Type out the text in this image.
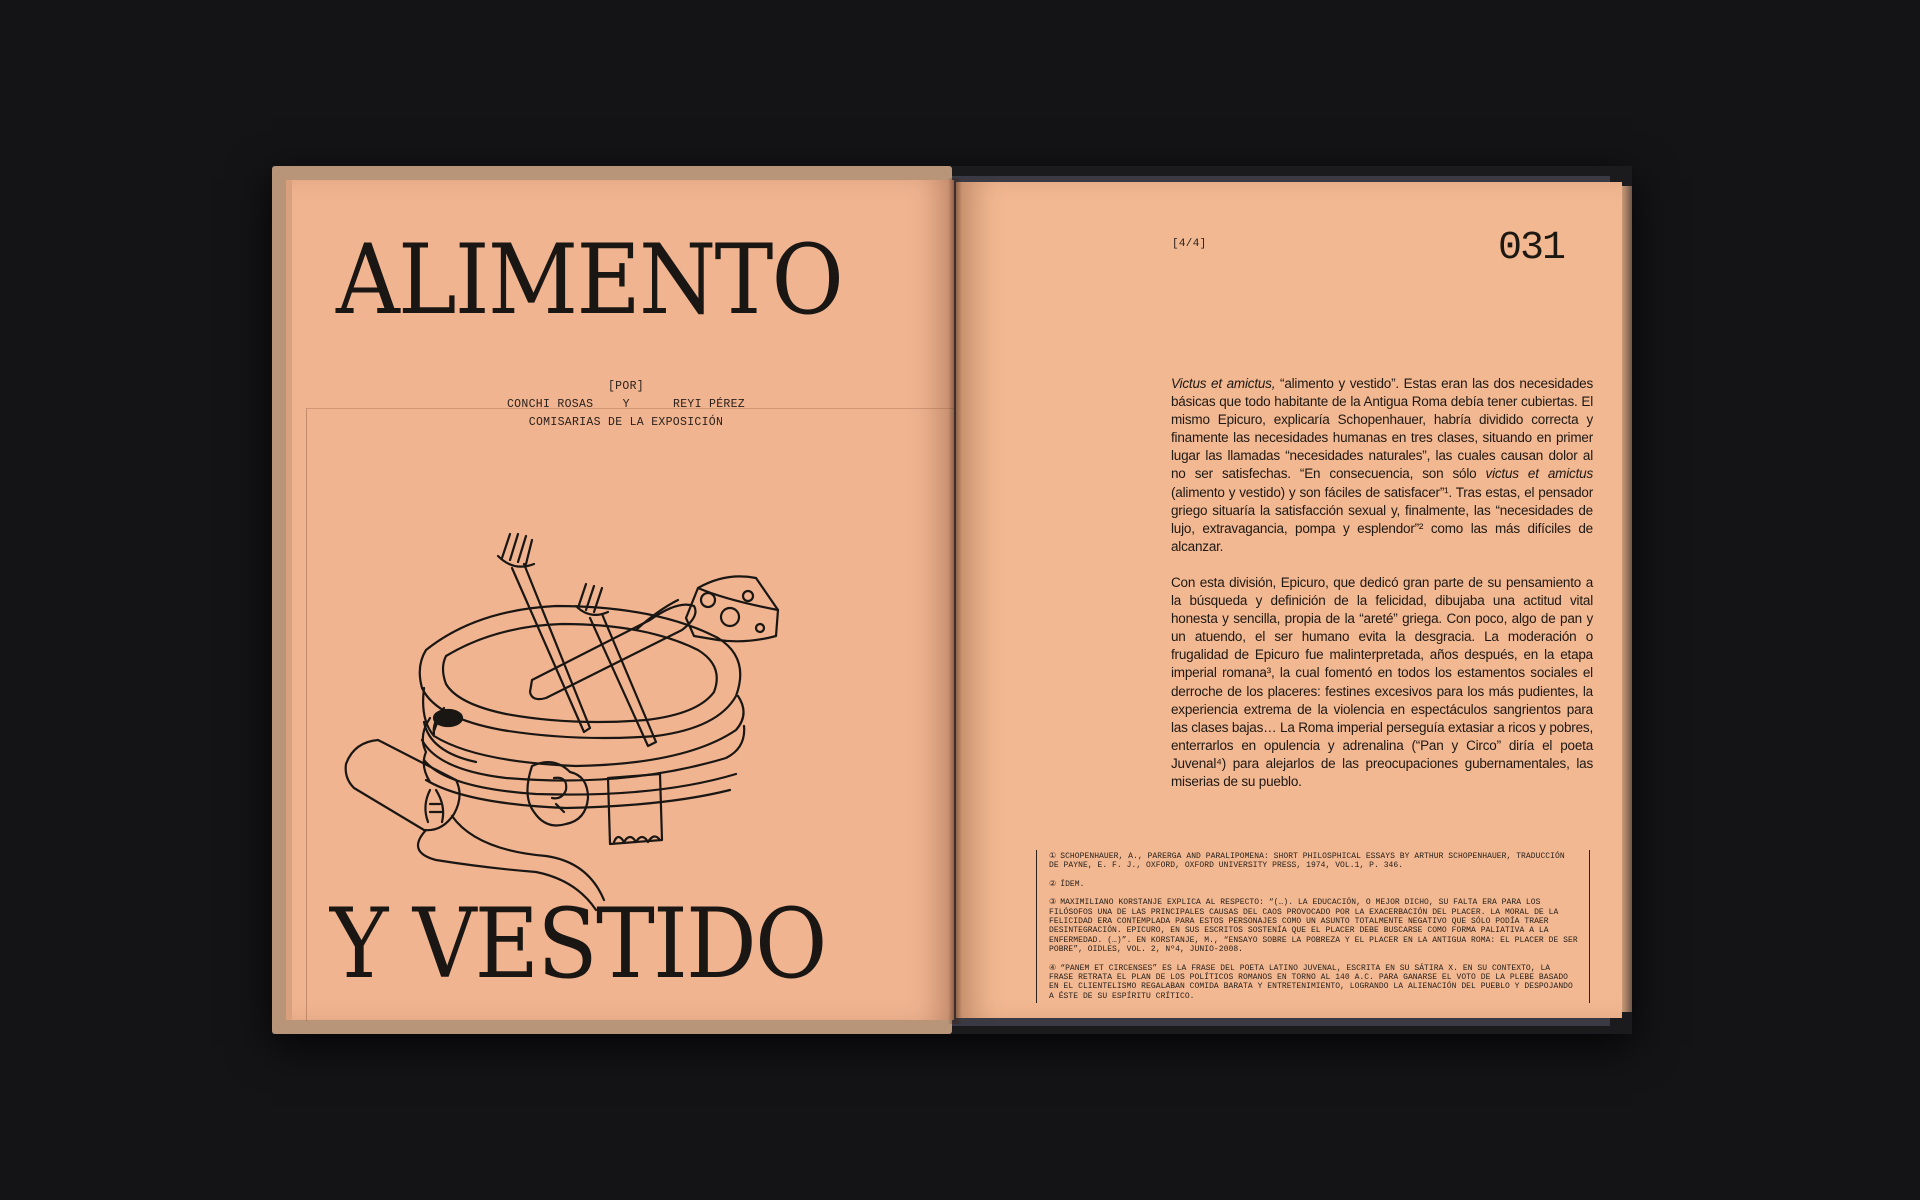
ALIMENTO
[POR]
CONCHI ROSAS	Y	REYI PÉREZ
COMISARIAS DE LA EXPOSICIÓN
Y VESTIDO
[4/4]	031

Victus et amictus, “alimento y vestido”. Estas eran las dos necesidades básicas que todo habitante de la Antigua Roma debía tener cubiertas. El mismo Epicuro, explicaría Schopenhauer, habría dividido correcta y finamente las necesidades humanas en tres clases, situando en primer lugar las llamadas “necesidades naturales”, las cuales causan dolor al no ser satisfechas. “En consecuencia, son sólo victus et amictus (alimento y vestido) y son fáciles de satisfacer”¹. Tras estas, el pensador griego situaría la satisfacción sexual y, finalmente, las “necesidades de lujo, extravagancia, pompa y esplendor”² como las más difíciles de alcanzar.

Con esta división, Epicuro, que dedicó gran parte de su pensamiento a la búsqueda y definición de la felicidad, dibujaba una actitud vital honesta y sencilla, propia de la “areté” griega. Con poco, algo de pan y un atuendo, el ser humano evita la desgracia. La moderación o frugalidad de Epicuro fue malinterpretada, años después, en la etapa imperial romana³, la cual fomentó en todos los estamentos sociales el derroche de los placeres: festines excesivos para los más pudientes, la experiencia extrema de la violencia en espectáculos sangrientos para las clases bajas… La Roma imperial perseguía extasiar a ricos y pobres, enterrarlos en opulencia y adrenalina (“Pan y Circo” diría el poeta Juvenal⁴) para alejarlos de las preocupaciones gubernamentales, las miserias de su pueblo.

① SCHOPENHAUER, A., PARERGA AND PARALIPOMENA: SHORT PHILOSPHICAL ESSAYS BY ARTHUR SCHOPENHAUER, TRADUCCIÓN DE PAYNE, E. F. J., OXFORD, OXFORD UNIVERSITY PRESS, 1974, VOL.1, P. 346.

② ÍDEM.

③ MAXIMILIANO KORSTANJE EXPLICA AL RESPECTO: “(…). LA EDUCACIÓN, O MEJOR DICHO, SU FALTA ERA PARA LOS FILÓSOFOS UNA DE LAS PRINCIPALES CAUSAS DEL CAOS PROVOCADO POR LA EXACERBACIÓN DEL PLACER. LA MORAL DE LA FELICIDAD ERA CONTEMPLADA PARA ESTOS PERSONAJES COMO UN ASUNTO TOTALMENTE NEGATIVO QUE SÓLO PODÍA TRAER DESINTEGRACIÓN. EPICURO, EN SUS ESCRITOS SOSTENÍA QUE EL PLACER DEBE BUSCARSE COMO FORMA PALIATIVA A LA ENFERMEDAD. (…)”. EN KORSTANJE, M., “ENSAYO SOBRE LA POBREZA Y EL PLACER EN LA ANTIGUA ROMA: EL PLACER DE SER POBRE”, OIDLES, VOL. 2, Nº4, JUNIO-2008.

④ “PANEM ET CIRCENSES” ES LA FRASE DEL POETA LATINO JUVENAL, ESCRITA EN SU SÁTIRA X. EN SU CONTEXTO, LA FRASE RETRATA EL PLAN DE LOS POLÍTICOS ROMANOS EN TORNO AL 140 A.C. PARA GANARSE EL VOTO DE LA PLEBE BASADO EN EL CLIENTELISMO REGALABAN COMIDA BARATA Y ENTRETENIMIENTO, LOGRANDO LA ALIENACIÓN DEL PUEBLO Y DESPOJANDO A ÉSTE DE SU ESPÍRITU CRÍTICO.
